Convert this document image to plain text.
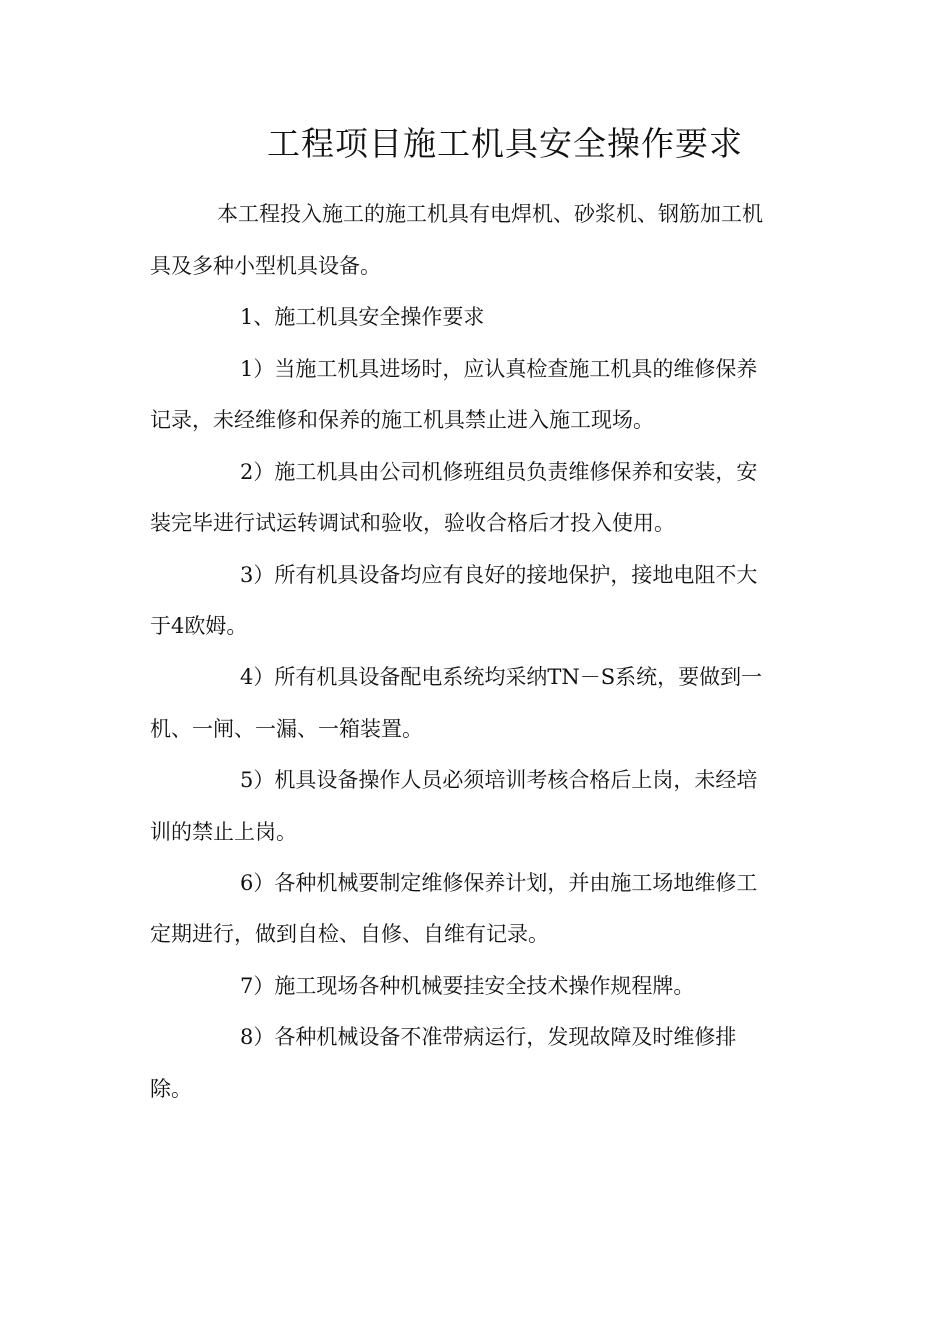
工程项目施工机具安全操作要求
本工程投入施工的施工机具有电焊机、砂浆机、钢筋加工机
具及多种小型机具设备。
1、施工机具安全操作要求
1）当施工机具进场时，应认真检查施工机具的维修保养
记录，未经维修和保养的施工机具禁止进入施工现场。
2）施工机具由公司机修班组员负责维修保养和安装，安
装完毕进行试运转调试和验收，验收合格后才投入使用。
3）所有机具设备均应有良好的接地保护，接地电阻不大
于4欧姆。
4）所有机具设备配电系统均采纳TN－S系统，要做到一
机、一闸、一漏、一箱装置。
5）机具设备操作人员必须培训考核合格后上岗，未经培
训的禁止上岗。
6）各种机械要制定维修保养计划，并由施工场地维修工
定期进行，做到自检、自修、自维有记录。
7）施工现场各种机械要挂安全技术操作规程牌。
8）各种机械设备不准带病运行，发现故障及时维修排
除。
